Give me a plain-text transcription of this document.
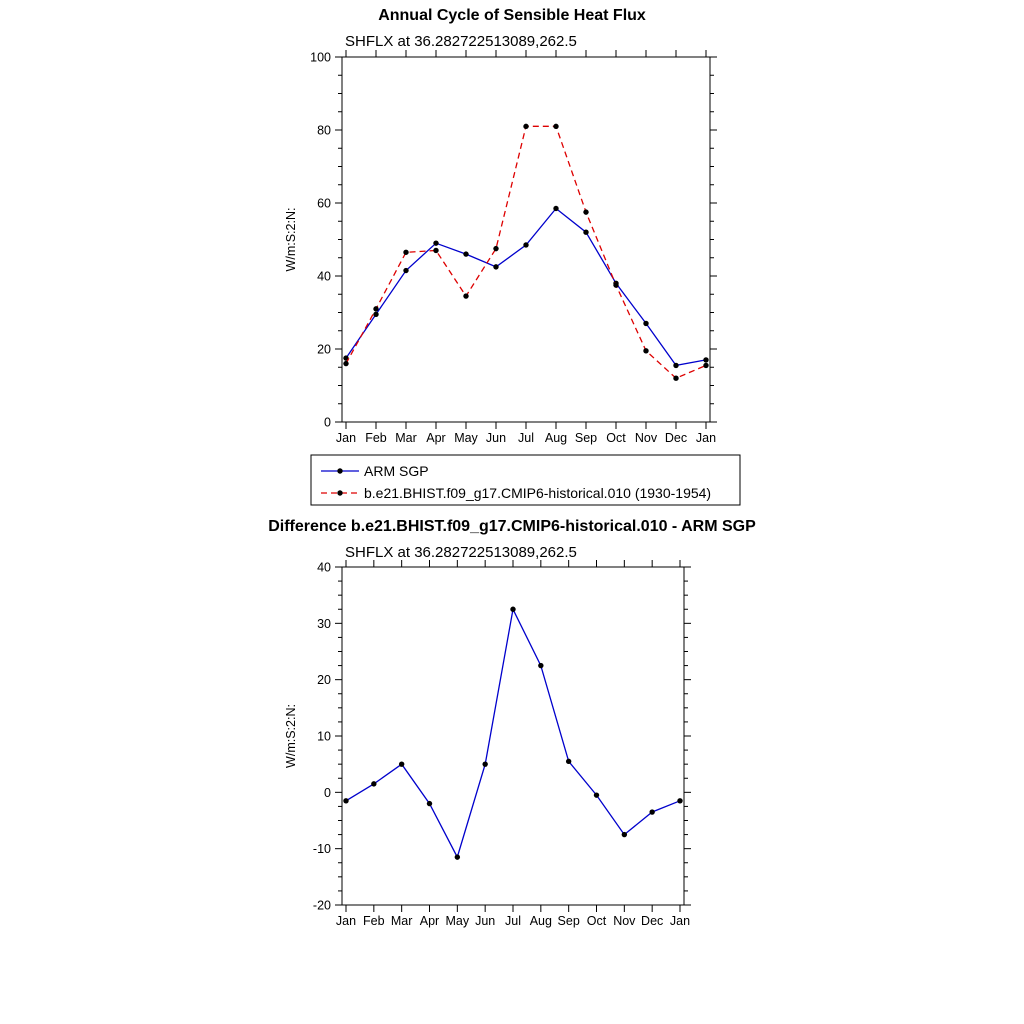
Annual Cycle of Sensible Heat Flux
SHFLX at 36.282722513089,262.5
0
20
40
60
80
100
Jan Feb Mar Apr May Jun Jul Aug Sep Oct Nov Dec Jan
W/m:S:2:N:
ARM SGP
b.e21.BHIST.f09_g17.CMIP6-historical.010 (1930-1954)
Difference b.e21.BHIST.f09_g17.CMIP6-historical.010 - ARM SGP
SHFLX at 36.282722513089,262.5
-20
-10
0
10
20
30
40
Jan Feb Mar Apr May Jun Jul Aug Sep Oct Nov Dec Jan
W/m:S:2:N:
